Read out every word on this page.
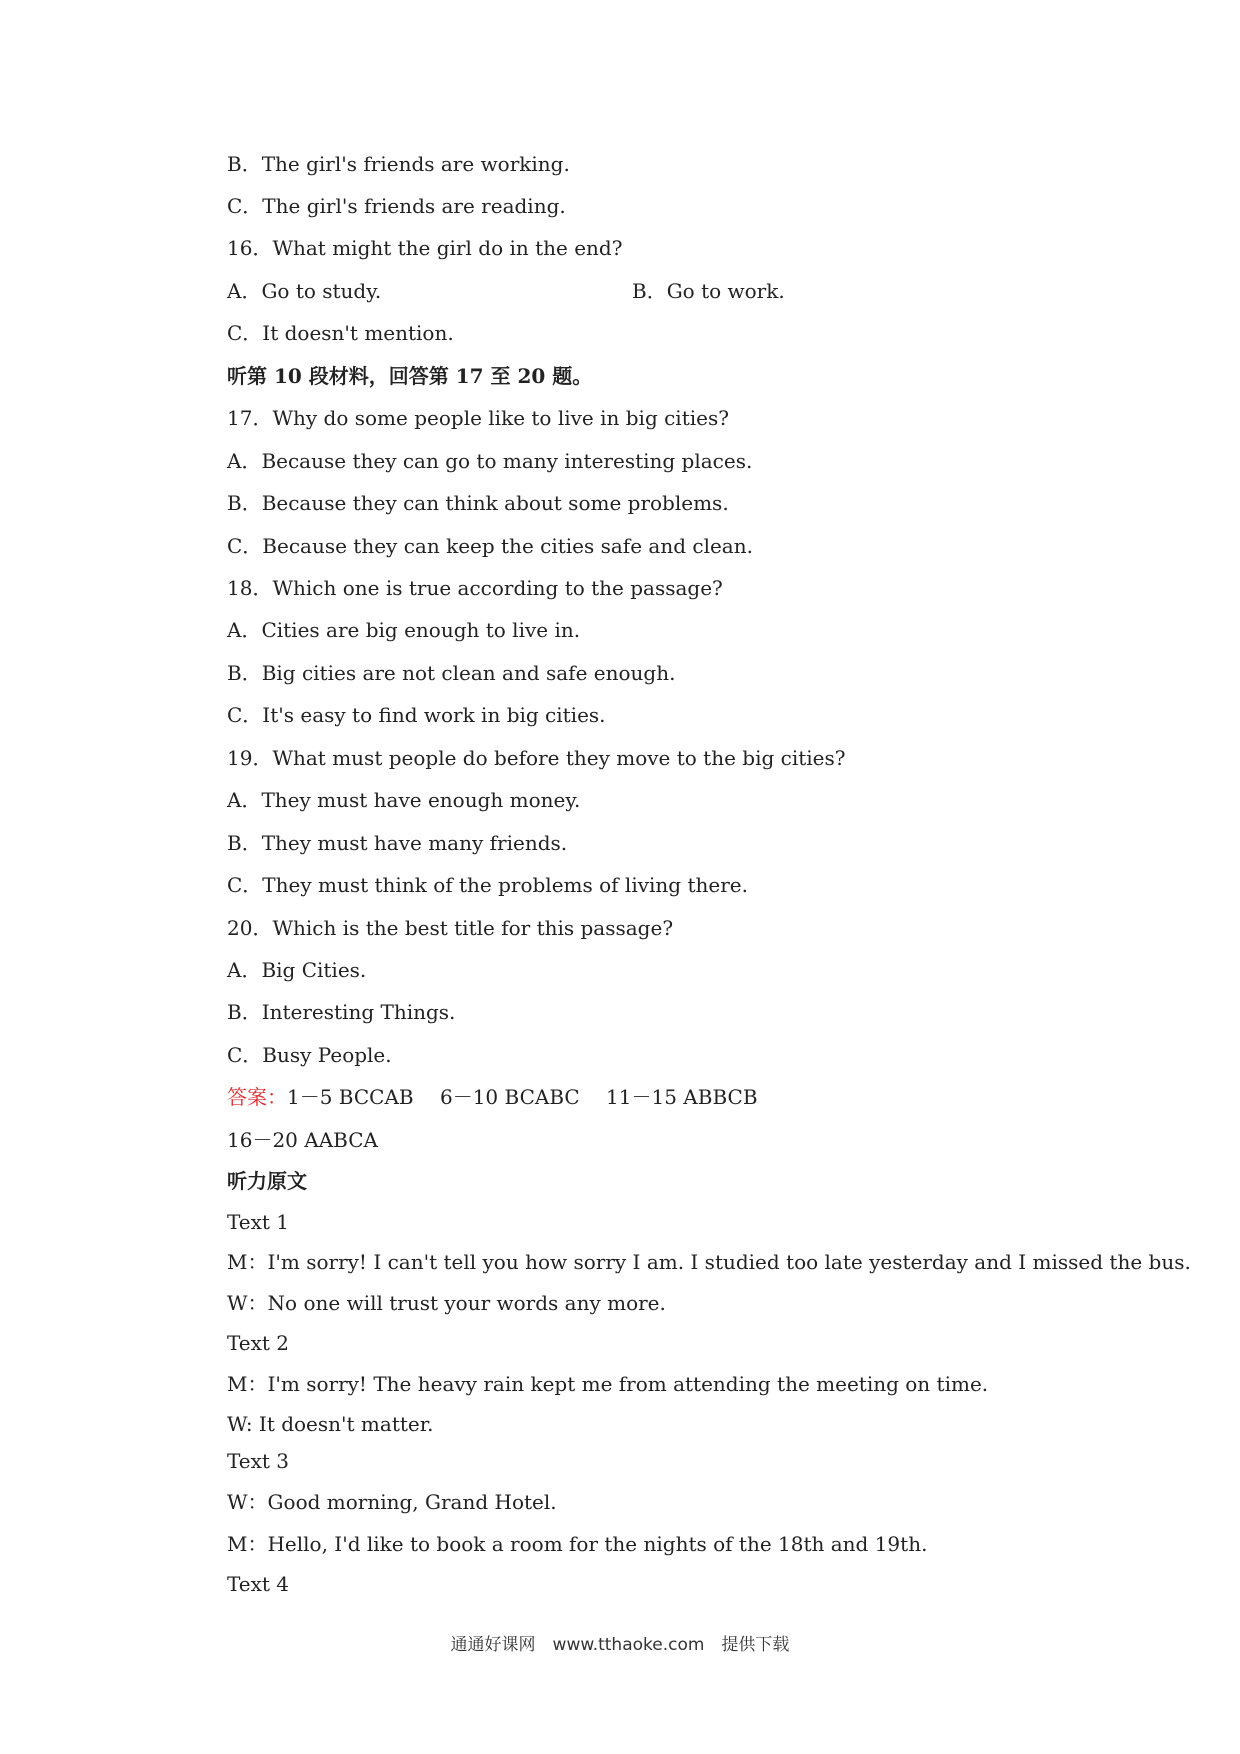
B．The girl's friends are working.
C．The girl's friends are reading.
16．What might the girl do in the end?
A．Go to study.	B．Go to work.
C．It doesn't mention.
听第 10 段材料，回答第 17 至 20 题。
17．Why do some people like to live in big cities?
A．Because they can go to many interesting places.
B．Because they can think about some problems.
C．Because they can keep the cities safe and clean.
18．Which one is true according to the passage?
A．Cities are big enough to live in.
B．Big cities are not clean and safe enough.
C．It's easy to find work in big cities.
19．What must people do before they move to the big cities?
A．They must have enough money.
B．They must have many friends.
C．They must think of the problems of living there.
20．Which is the best title for this passage?
A．Big Cities.
B．Interesting Things.
C．Busy People.
答案：1－5 BCCAB　 6－10 BCABC　 11－15 ABBCB
16－20 AABCA
听力原文
Text 1
M：I'm sorry! I can't tell you how sorry I am. I studied too late yesterday and I missed the bus.
W：No one will trust your words any more.
Text 2
M：I'm sorry! The heavy rain kept me from attending the meeting on time.
W: It doesn't matter.
Text 3
W：Good morning, Grand Hotel.
M：Hello, I'd like to book a room for the nights of the 18th and 19th.
Text 4
通通好课网　www.tthaoke.com　提供下载
